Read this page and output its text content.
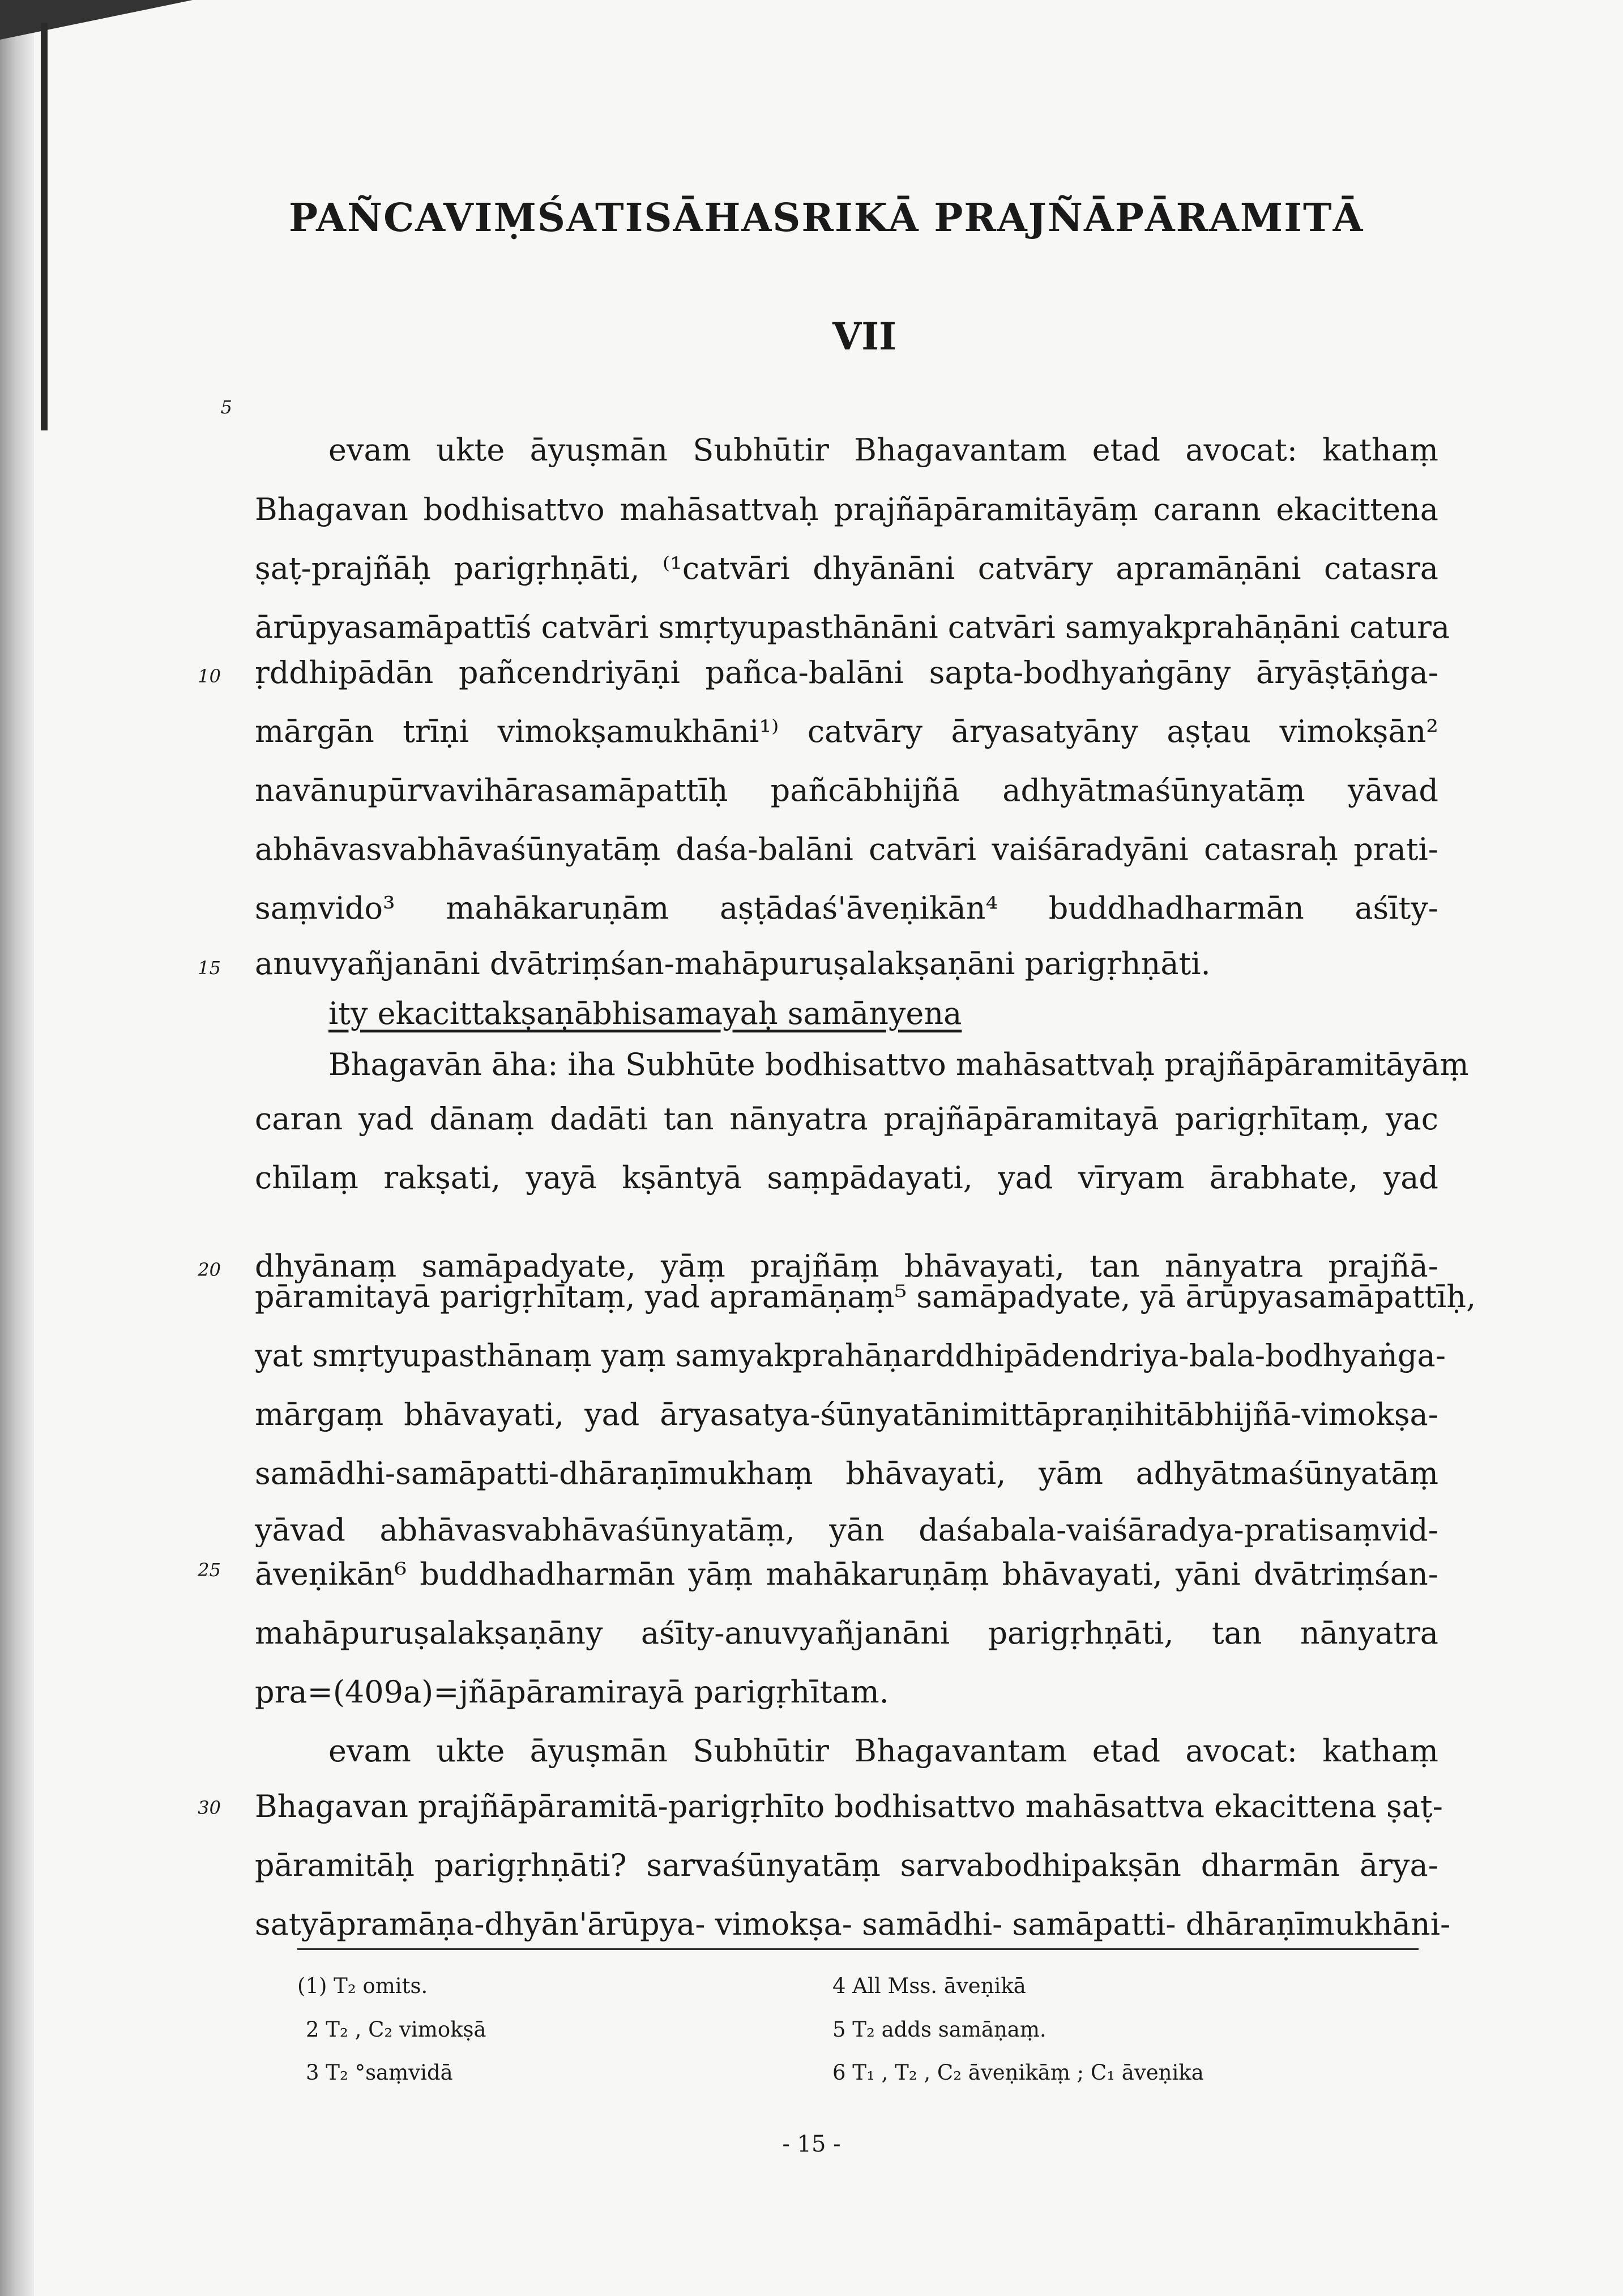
PAÑCAVIṂŚATISĀHASRIKĀ PRAJÑĀPĀRAMITĀ
VII
5
10
15
20
25
30
evam ukte āyuṣmān Subhūtir Bhagavantam etad avocat: kathaṃ
Bhagavan bodhisattvo mahāsattvaḥ prajñāpāramitāyāṃ carann ekacittena
ṣaṭ-prajñāḥ parigṛhṇāti, ⁽¹catvāri dhyānāni catvāry apramāṇāni catasra
ārūpyasamāpattīś catvāri smṛtyupasthānāni catvāri samyakprahāṇāni catura
ṛddhipādān pañcendriyāṇi pañca-balāni sapta-bodhyaṅgāny āryāṣṭāṅga-
mārgān trīṇi vimokṣamukhāni¹⁾ catvāry āryasatyāny aṣṭau vimokṣān²
navānupūrvavihārasamāpattīḥ pañcābhijñā adhyātmaśūnyatāṃ yāvad
abhāvasvabhāvaśūnyatāṃ daśa-balāni catvāri vaiśāradyāni catasraḥ prati-
saṃvido³ mahākaruṇām aṣṭādaś'āveṇikān⁴ buddhadharmān aśīty-
anuvyañjanāni dvātriṃśan-mahāpuruṣalakṣaṇāni parigṛhṇāti.
ity ekacittakṣaṇābhisamayaḥ samānyena
Bhagavān āha: iha Subhūte bodhisattvo mahāsattvaḥ prajñāpāramitāyāṃ
caran yad dānaṃ dadāti tan nānyatra prajñāpāramitayā parigṛhītaṃ, yac
chīlaṃ rakṣati, yayā kṣāntyā saṃpādayati, yad vīryam ārabhate, yad
dhyānaṃ samāpadyate, yāṃ prajñāṃ bhāvayati, tan nānyatra prajñā-
pāramitayā parigṛhītaṃ, yad apramāṇaṃ⁵ samāpadyate, yā ārūpyasamāpattīḥ,
yat smṛtyupasthānaṃ yaṃ samyakprahāṇarddhipādendriya-bala-bodhyaṅga-
mārgaṃ bhāvayati, yad āryasatya-śūnyatānimittāpraṇihitābhijñā-vimokṣa-
samādhi-samāpatti-dhāraṇīmukhaṃ bhāvayati, yām adhyātmaśūnyatāṃ
yāvad abhāvasvabhāvaśūnyatāṃ, yān daśabala-vaiśāradya-pratisaṃvid-
āveṇikān⁶ buddhadharmān yāṃ mahākaruṇāṃ bhāvayati, yāni dvātriṃśan-
mahāpuruṣalakṣaṇāny aśīty-anuvyañjanāni parigṛhṇāti, tan nānyatra
pra=(409a)=jñāpāramirayā parigṛhītam.
evam ukte āyuṣmān Subhūtir Bhagavantam etad avocat: kathaṃ
Bhagavan prajñāpāramitā-parigṛhīto bodhisattvo mahāsattva ekacittena ṣaṭ-
pāramitāḥ parigṛhṇāti? sarvaśūnyatāṃ sarvabodhipakṣān dharmān ārya-
satyāpramāṇa-dhyān'ārūpya- vimokṣa- samādhi- samāpatti- dhāraṇīmukhāni-
(1) T₂ omits.
2 T₂ , C₂ vimokṣā
3 T₂ °saṃvidā
4 All Mss. āveṇikā
5 T₂ adds samāṇaṃ.
6 T₁ , T₂ , C₂ āveṇikāṃ ; C₁ āveṇika
- 15 -
